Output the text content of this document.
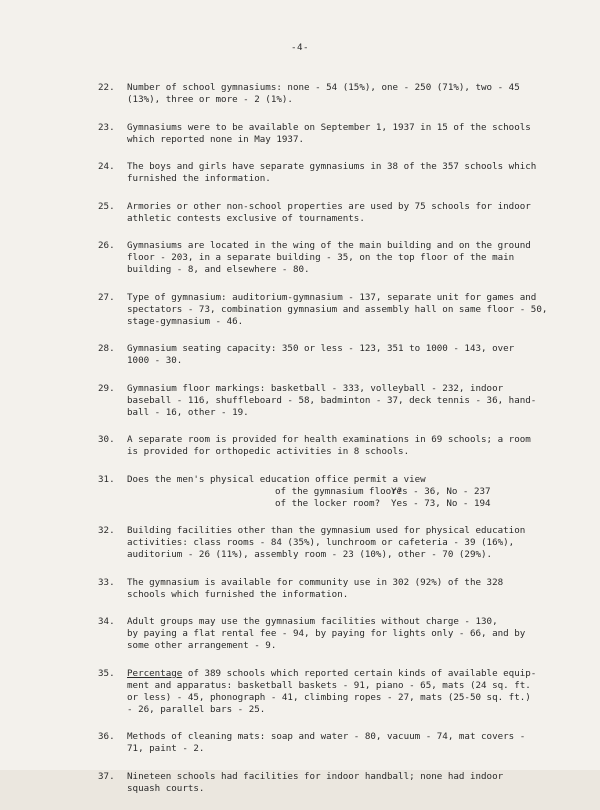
-4-
22.	Number of school gymnasiums: none - 54 (15%), one - 250 (71%), two - 45
(13%), three or more - 2 (1%).
23.	Gymnasiums were to be available on September 1, 1937 in 15 of the schools
which reported none in May 1937.
24.	The boys and girls have separate gymnasiums in 38 of the 357 schools which
furnished the information.
25.	Armories or other non-school properties are used by 75 schools for indoor
athletic contests exclusive of tournaments.
26.	Gymnasiums are located in the wing of the main building and on the ground
floor - 203, in a separate building - 35, on the top floor of the main
building - 8, and elsewhere - 80.
27.	Type of gymnasium: auditorium-gymnasium - 137, separate unit for games and
spectators - 73, combination gymnasium and assembly hall on same floor - 50,
stage-gymnasium - 46.
28.	Gymnasium seating capacity: 350 or less - 123, 351 to 1000 - 143, over
1000 - 30.
29.	Gymnasium floor markings: basketball - 333, volleyball - 232, indoor
baseball - 116, shuffleboard - 58, badminton - 37, deck tennis - 36, hand-
ball - 16, other - 19.
30.	A separate room is provided for health examinations in 69 schools; a room
is provided for orthopedic activities in 8 schools.
31.	Does the men's physical education office permit a view
of the gymnasium floor?
Yes - 36, No - 237
of the locker room?	Yes - 73, No - 194
32.	Building facilities other than the gymnasium used for physical education
activities: class rooms - 84 (35%), lunchroom or cafeteria - 39 (16%),
auditorium - 26 (11%), assembly room - 23 (10%), other - 70 (29%).
33.	The gymnasium is available for community use in 302 (92%) of the 328
schools which furnished the information.
34.	Adult groups may use the gymnasium facilities without charge - 130,
by paying a flat rental fee - 94, by paying for lights only - 66, and by
some other arrangement - 9.
35.	Percentage of 389 schools which reported certain kinds of available equip-
ment and apparatus: basketball baskets - 91, piano - 65, mats (24 sq. ft.
or less) - 45, phonograph - 41, climbing ropes - 27, mats (25-50 sq. ft.)
- 26, parallel bars - 25.
36.	Methods of cleaning mats: soap and water - 80, vacuum - 74, mat covers -
71, paint - 2.
37.	Nineteen schools had facilities for indoor handball; none had indoor
squash courts.
